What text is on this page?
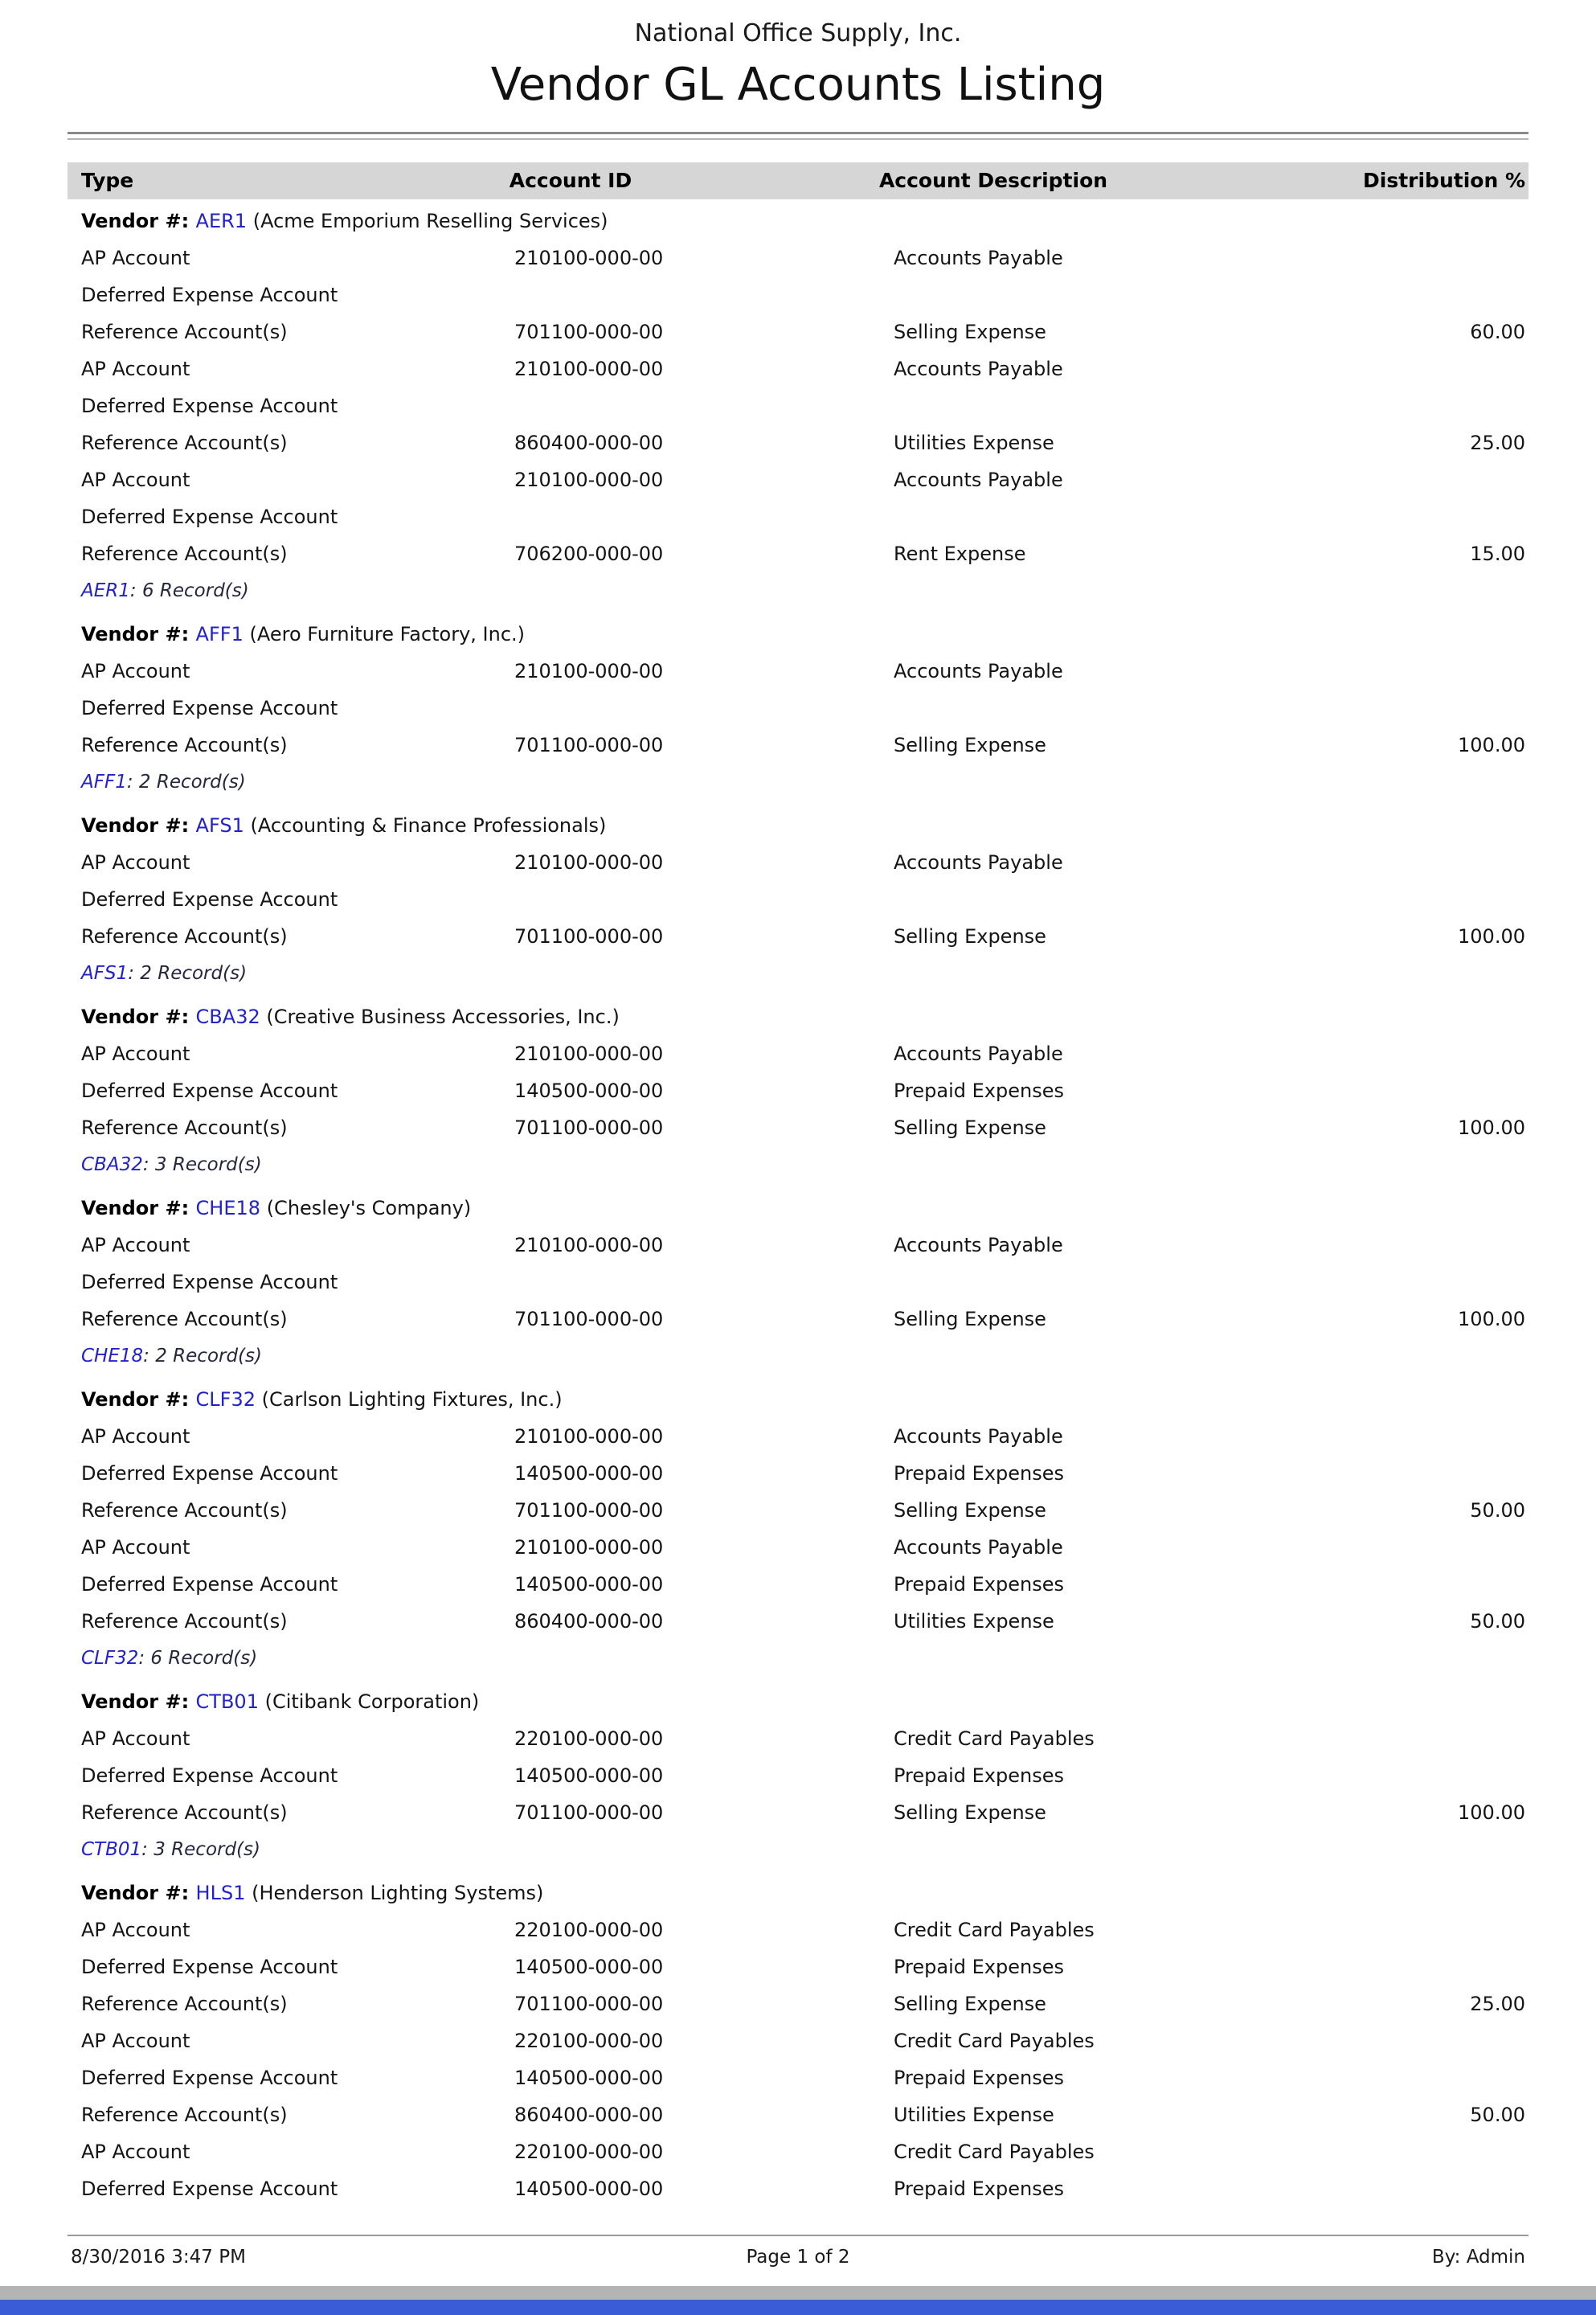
National Office Supply, Inc.
Vendor GL Accounts Listing
Type	Account ID	Account Description	Distribution %
Vendor #: AER1 (Acme Emporium Reselling Services)
AP Account	210100-000-00	Accounts Payable
Deferred Expense Account
Reference Account(s)	701100-000-00	Selling Expense	60.00
AP Account	210100-000-00	Accounts Payable
Deferred Expense Account
Reference Account(s)	860400-000-00	Utilities Expense	25.00
AP Account	210100-000-00	Accounts Payable
Deferred Expense Account
Reference Account(s)	706200-000-00	Rent Expense	15.00
AER1: 6 Record(s)
Vendor #: AFF1 (Aero Furniture Factory, Inc.)
AP Account	210100-000-00	Accounts Payable
Deferred Expense Account
Reference Account(s)	701100-000-00	Selling Expense	100.00
AFF1: 2 Record(s)
Vendor #: AFS1 (Accounting & Finance Professionals)
AP Account	210100-000-00	Accounts Payable
Deferred Expense Account
Reference Account(s)	701100-000-00	Selling Expense	100.00
AFS1: 2 Record(s)
Vendor #: CBA32 (Creative Business Accessories, Inc.)
AP Account	210100-000-00	Accounts Payable
Deferred Expense Account	140500-000-00	Prepaid Expenses
Reference Account(s)	701100-000-00	Selling Expense	100.00
CBA32: 3 Record(s)
Vendor #: CHE18 (Chesley's Company)
AP Account	210100-000-00	Accounts Payable
Deferred Expense Account
Reference Account(s)	701100-000-00	Selling Expense	100.00
CHE18: 2 Record(s)
Vendor #: CLF32 (Carlson Lighting Fixtures, Inc.)
AP Account	210100-000-00	Accounts Payable
Deferred Expense Account	140500-000-00	Prepaid Expenses
Reference Account(s)	701100-000-00	Selling Expense	50.00
AP Account	210100-000-00	Accounts Payable
Deferred Expense Account	140500-000-00	Prepaid Expenses
Reference Account(s)	860400-000-00	Utilities Expense	50.00
CLF32: 6 Record(s)
Vendor #: CTB01 (Citibank Corporation)
AP Account	220100-000-00	Credit Card Payables
Deferred Expense Account	140500-000-00	Prepaid Expenses
Reference Account(s)	701100-000-00	Selling Expense	100.00
CTB01: 3 Record(s)
Vendor #: HLS1 (Henderson Lighting Systems)
AP Account	220100-000-00	Credit Card Payables
Deferred Expense Account	140500-000-00	Prepaid Expenses
Reference Account(s)	701100-000-00	Selling Expense	25.00
AP Account	220100-000-00	Credit Card Payables
Deferred Expense Account	140500-000-00	Prepaid Expenses
Reference Account(s)	860400-000-00	Utilities Expense	50.00
AP Account	220100-000-00	Credit Card Payables
Deferred Expense Account	140500-000-00	Prepaid Expenses
8/30/2016 3:47 PM	Page 1 of 2	By: Admin
